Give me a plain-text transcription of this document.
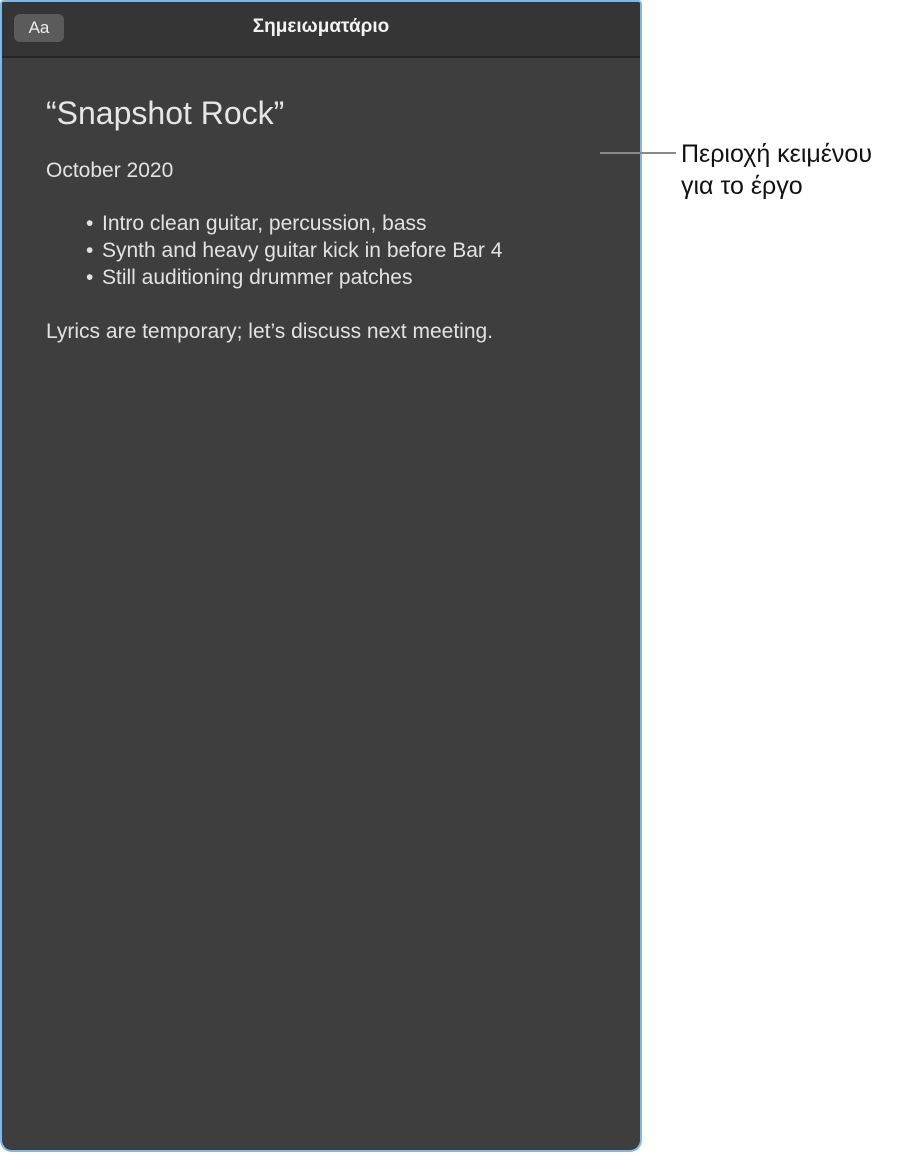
Aa	Σημειωματάριο
“Snapshot Rock”

October 2020

• Intro clean guitar, percussion, bass
• Synth and heavy guitar kick in before Bar 4
• Still auditioning drummer patches

Lyrics are temporary; let’s discuss next meeting.

Περιοχή κειμένου
για το έργο
